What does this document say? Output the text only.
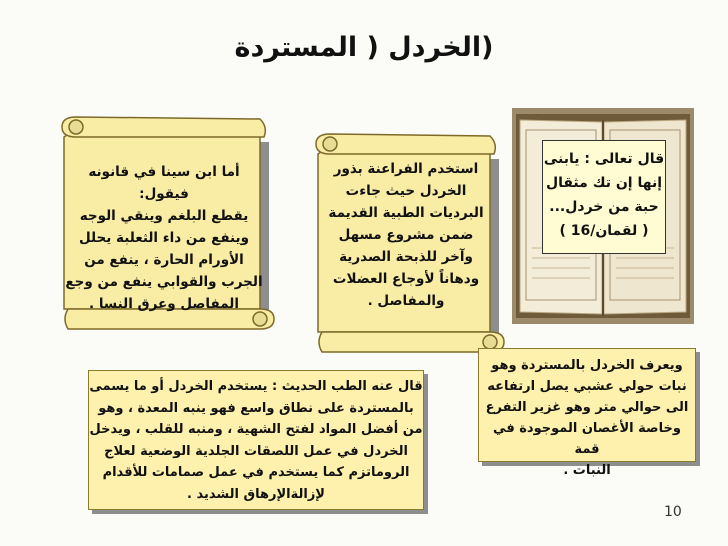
(الخردل ( المستردة
أما ابن سينا في قانونه فيقول:
يقطع البلغم وينقي الوجه
وينفع من داء الثعلبة يحلل
الأورام الحارة ، ينفع من
الجرب والقوابي ينفع من وجع
المفاصل وعرق النسا .
استخدم الفراعنة بذور
الخردل حيث جاءت
البرديات الطبية القديمة
ضمن مشروع مسهل
وآخر للذبحة الصدرية
ودهاناً لأوجاع العضلات
والمفاصل .
قال تعالى : يابنى
إنها إن تك مثقال
حبة من خردل...
( لقمان/16 )
ويعرف الخردل بالمستردة وهو
نبات حولي عشبي يصل ارتفاعه
الى حوالي متر وهو غزير التفرع
وخاصة الأغصان الموجودة في قمة
النبات .
قال عنه الطب الحديث : يستخدم الخردل أو ما يسمى
بالمستردة على نطاق واسع فهو ينبه المعدة ، وهو
من أفضل المواد لفتح الشهية ، ومنبه للقلب ، ويدخل
الخردل في عمل اللصقات الجلدية الوضعية لعلاج
الروماتزم كما يستخدم في عمل صمامات للأقدام
لإزالةالإرهاق الشديد .
10
